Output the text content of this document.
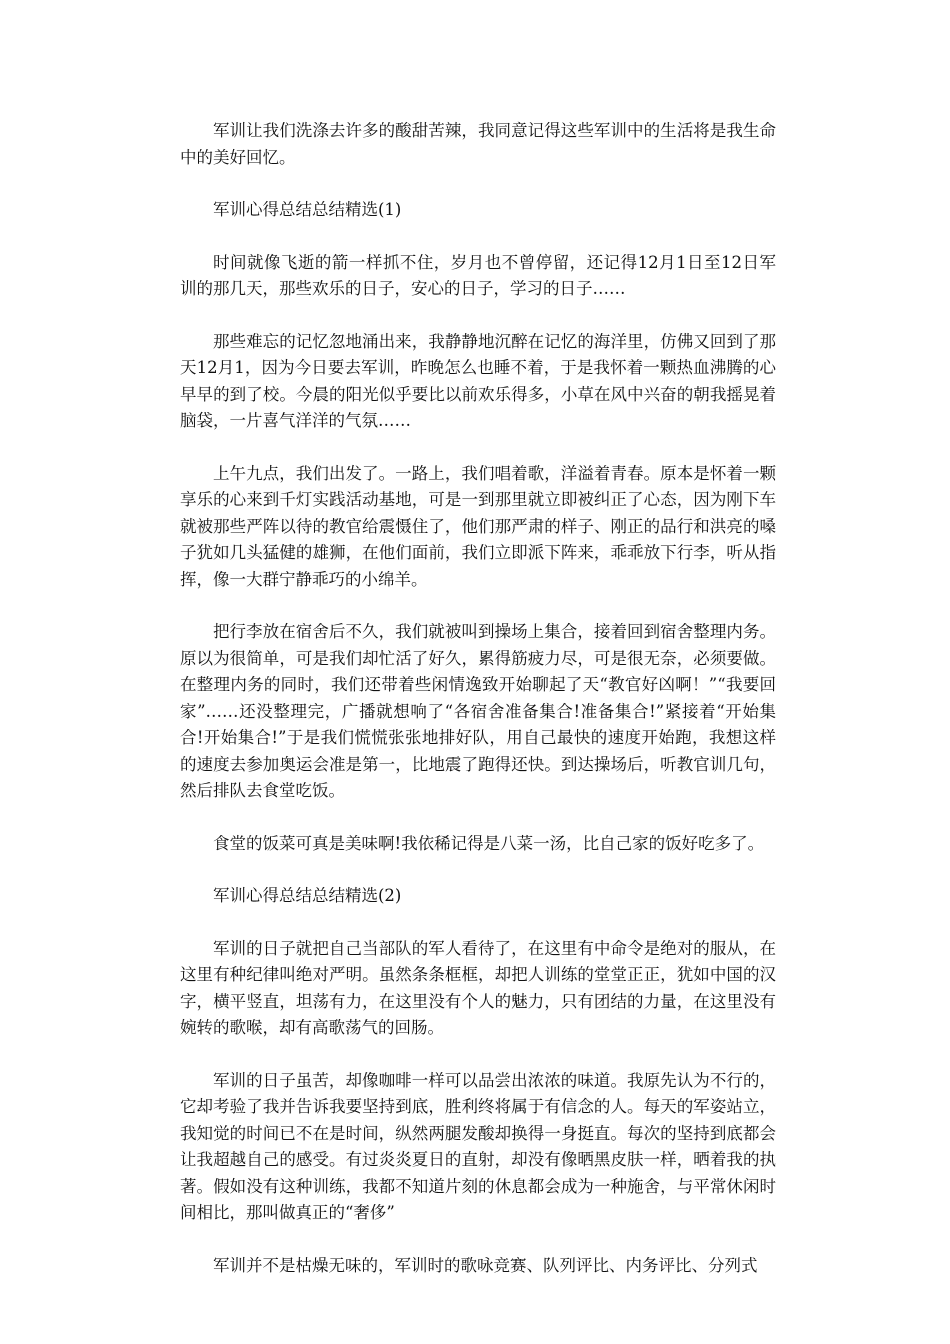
军训让我们洗涤去许多的酸甜苦辣，我同意记得这些军训中的生活将是我生命中的美好回忆。

军训心得总结总结精选(1)

时间就像飞逝的箭一样抓不住，岁月也不曾停留，还记得12月1日至12日军训的那几天，那些欢乐的日子，安心的日子，学习的日子……

那些难忘的记忆忽地涌出来，我静静地沉醉在记忆的海洋里，仿佛又回到了那天12月1，因为今日要去军训，昨晚怎么也睡不着，于是我怀着一颗热血沸腾的心早早的到了校。今晨的阳光似乎要比以前欢乐得多，小草在风中兴奋的朝我摇晃着脑袋，一片喜气洋洋的气氛……

上午九点，我们出发了。一路上，我们唱着歌，洋溢着青春。原本是怀着一颗享乐的心来到千灯实践活动基地，可是一到那里就立即被纠正了心态，因为刚下车就被那些严阵以待的教官给震慑住了，他们那严肃的样子、刚正的品行和洪亮的嗓子犹如几头猛健的雄狮，在他们面前，我们立即派下阵来，乖乖放下行李，听从指挥，像一大群宁静乖巧的小绵羊。

把行李放在宿舍后不久，我们就被叫到操场上集合，接着回到宿舍整理内务。原以为很简单，可是我们却忙活了好久，累得筋疲力尽，可是很无奈，必须要做。在整理内务的同时，我们还带着些闲情逸致开始聊起了天“教官好凶啊！”“我要回家”……还没整理完，广播就想响了“各宿舍准备集合!准备集合!”紧接着“开始集合!开始集合!”于是我们慌慌张张地排好队，用自己最快的速度开始跑，我想这样的速度去参加奥运会准是第一，比地震了跑得还快。到达操场后，听教官训几句，然后排队去食堂吃饭。

食堂的饭菜可真是美味啊!我依稀记得是八菜一汤，比自己家的饭好吃多了。

军训心得总结总结精选(2)

军训的日子就把自己当部队的军人看待了，在这里有中命令是绝对的服从，在这里有种纪律叫绝对严明。虽然条条框框，却把人训练的堂堂正正，犹如中国的汉字，横平竖直，坦荡有力，在这里没有个人的魅力，只有团结的力量，在这里没有婉转的歌喉，却有高歌荡气的回肠。

军训的日子虽苦，却像咖啡一样可以品尝出浓浓的味道。我原先认为不行的，它却考验了我并告诉我要坚持到底，胜利终将属于有信念的人。每天的军姿站立，我知觉的时间已不在是时间，纵然两腿发酸却换得一身挺直。每次的坚持到底都会让我超越自己的感受。有过炎炎夏日的直射，却没有像晒黑皮肤一样，晒着我的执著。假如没有这种训练，我都不知道片刻的休息都会成为一种施舍，与平常休闲时间相比，那叫做真正的“奢侈”

军训并不是枯燥无味的，军训时的歌咏竞赛、队列评比、内务评比、分列式
